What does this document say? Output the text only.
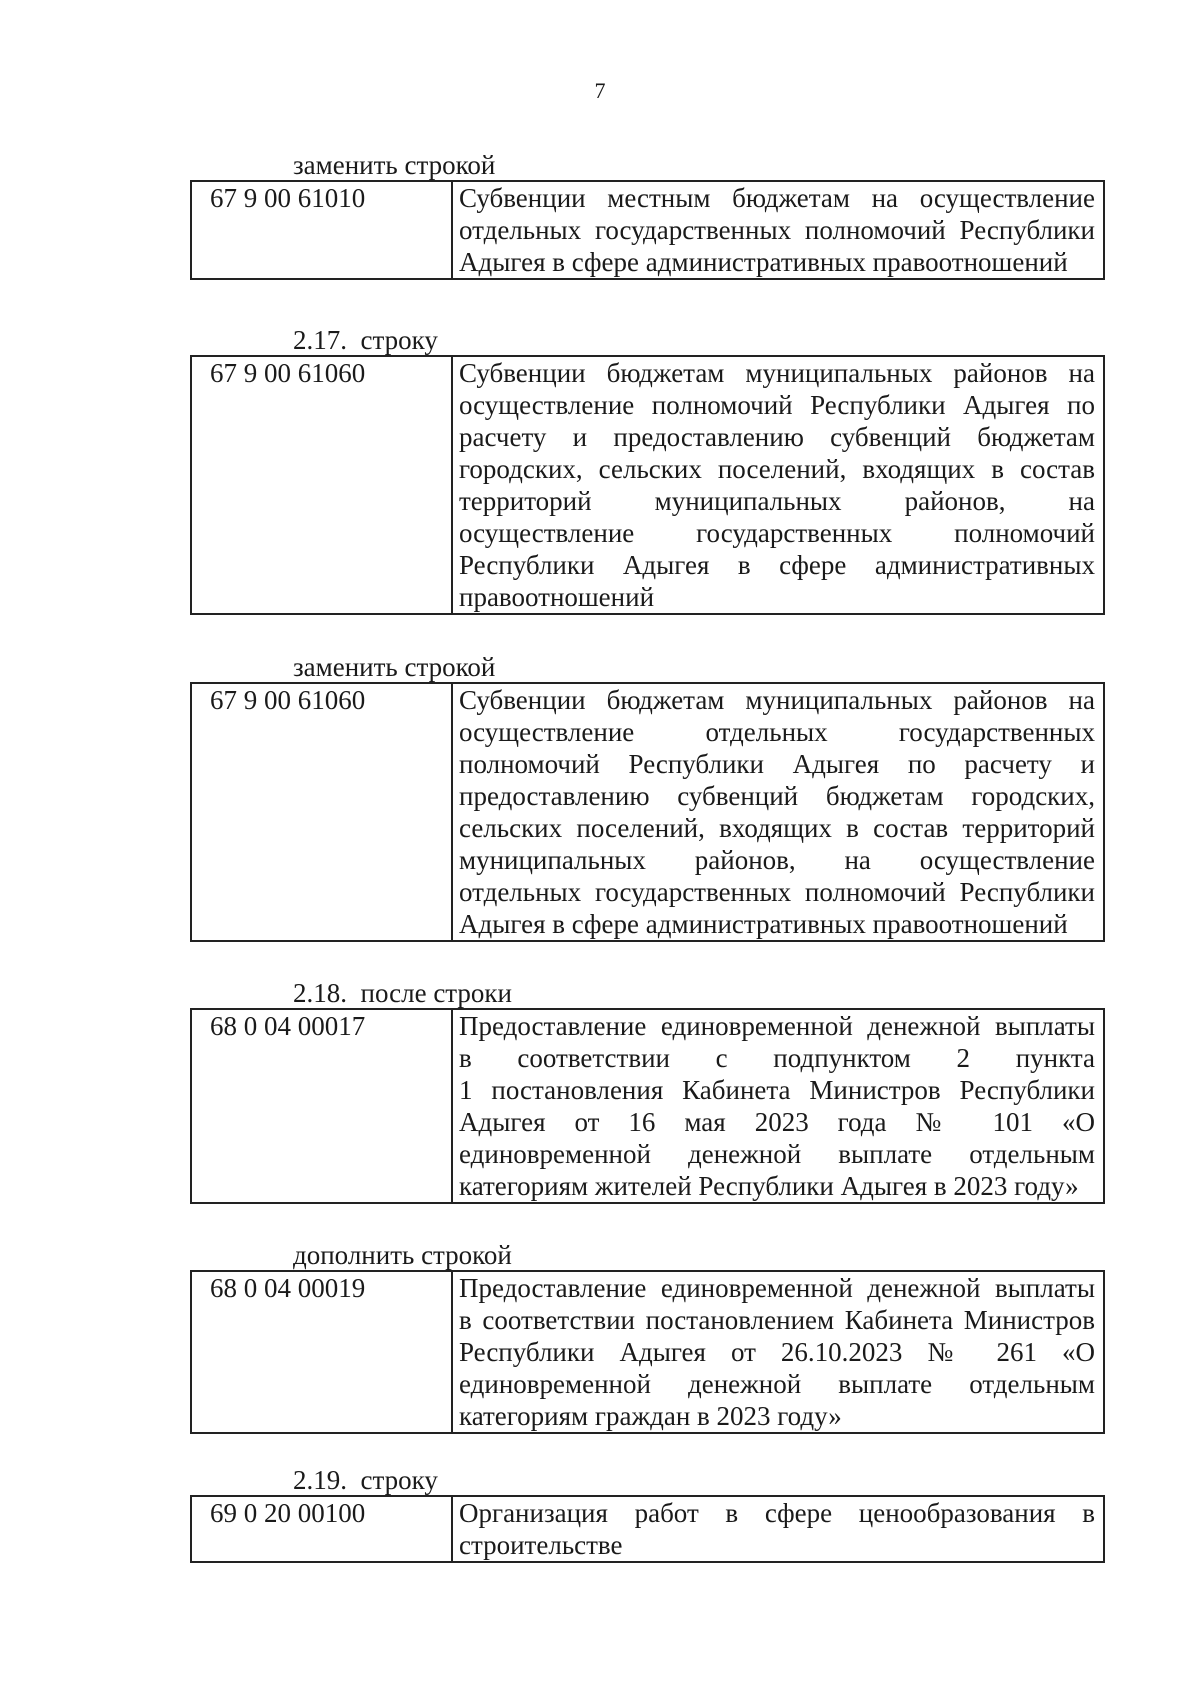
7
заменить строкой
67 9 00 61010	Субвенции местным бюджетам на осуществление
отдельных государственных полномочий Республики
Адыгея в сфере административных правоотношений
2.17.  строку
67 9 00 61060	Субвенции бюджетам муниципальных районов на
осуществление полномочий Республики Адыгея по
расчету и предоставлению субвенций бюджетам
городских, сельских поселений, входящих в состав
территорий муниципальных районов, на
осуществление государственных полномочий
Республики Адыгея в сфере административных
правоотношений
заменить строкой
67 9 00 61060	Субвенции бюджетам муниципальных районов на
осуществление отдельных государственных
полномочий Республики Адыгея по расчету и
предоставлению субвенций бюджетам городских,
сельских поселений, входящих в состав территорий
муниципальных районов, на осуществление
отдельных государственных полномочий Республики
Адыгея в сфере административных правоотношений
2.18.  после строки
68 0 04 00017	Предоставление единовременной денежной выплаты
в соответствии с подпунктом 2 пункта
1 постановления Кабинета Министров Республики
Адыгея от 16 мая 2023 года № 101 «О
единовременной денежной выплате отдельным
категориям жителей Республики Адыгея в 2023 году»
дополнить строкой
68 0 04 00019	Предоставление единовременной денежной выплаты
в соответствии постановлением Кабинета Министров
Республики Адыгея от 26.10.2023 № 261 «О
единовременной денежной выплате отдельным
категориям граждан в 2023 году»
2.19.  строку
69 0 20 00100	Организация работ в сфере ценообразования в
строительстве
